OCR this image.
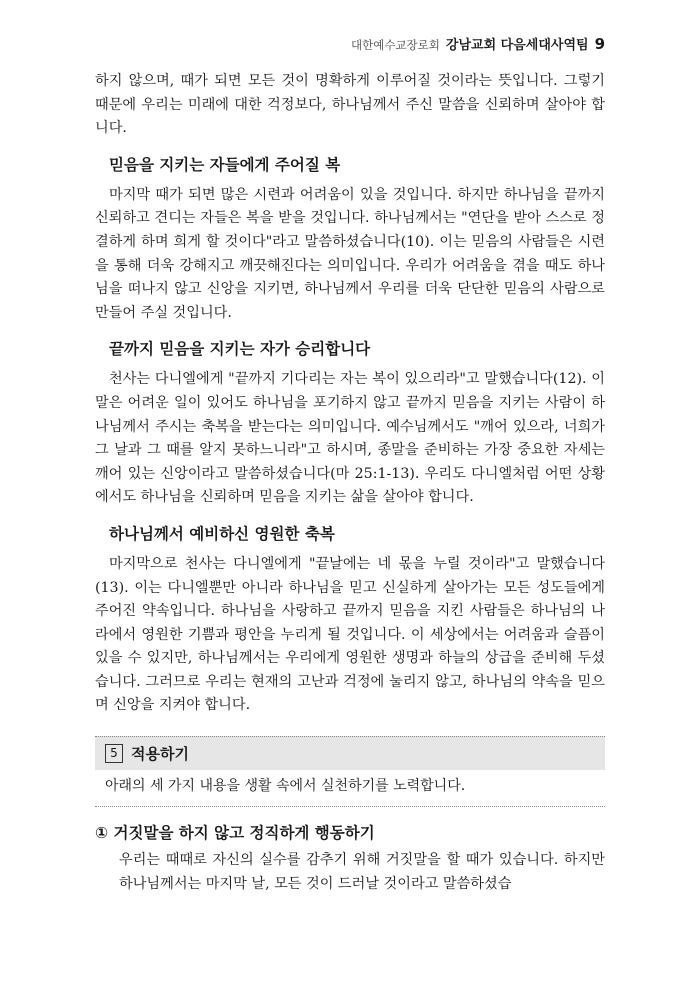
대한예수교장로회 강남교회 다음세대사역팀 9

하지 않으며, 때가 되면 모든 것이 명확하게 이루어질 것이라는 뜻입니다. 그렇기 때문에 우리는 미래에 대한 걱정보다, 하나님께서 주신 말씀을 신뢰하며 살아야 합니다.

믿음을 지키는 자들에게 주어질 복

마지막 때가 되면 많은 시련과 어려움이 있을 것입니다. 하지만 하나님을 끝까지 신뢰하고 견디는 자들은 복을 받을 것입니다. 하나님께서는 "연단을 받아 스스로 정결하게 하며 희게 할 것이다"라고 말씀하셨습니다(10). 이는 믿음의 사람들은 시련을 통해 더욱 강해지고 깨끗해진다는 의미입니다. 우리가 어려움을 겪을 때도 하나님을 떠나지 않고 신앙을 지키면, 하나님께서 우리를 더욱 단단한 믿음의 사람으로 만들어 주실 것입니다.

끝까지 믿음을 지키는 자가 승리합니다

천사는 다니엘에게 "끝까지 기다리는 자는 복이 있으리라"고 말했습니다(12). 이 말은 어려운 일이 있어도 하나님을 포기하지 않고 끝까지 믿음을 지키는 사람이 하나님께서 주시는 축복을 받는다는 의미입니다. 예수님께서도 "깨어 있으라, 너희가 그 날과 그 때를 알지 못하느니라"고 하시며, 종말을 준비하는 가장 중요한 자세는 깨어 있는 신앙이라고 말씀하셨습니다(마 25:1-13). 우리도 다니엘처럼 어떤 상황에서도 하나님을 신뢰하며 믿음을 지키는 삶을 살아야 합니다.

하나님께서 예비하신 영원한 축복

마지막으로 천사는 다니엘에게 "끝날에는 네 몫을 누릴 것이라"고 말했습니다(13). 이는 다니엘뿐만 아니라 하나님을 믿고 신실하게 살아가는 모든 성도들에게 주어진 약속입니다. 하나님을 사랑하고 끝까지 믿음을 지킨 사람들은 하나님의 나라에서 영원한 기쁨과 평안을 누리게 될 것입니다. 이 세상에서는 어려움과 슬픔이 있을 수 있지만, 하나님께서는 우리에게 영원한 생명과 하늘의 상급을 준비해 두셨습니다. 그러므로 우리는 현재의 고난과 걱정에 눌리지 않고, 하나님의 약속을 믿으며 신앙을 지켜야 합니다.

5 적용하기
아래의 세 가지 내용을 생활 속에서 실천하기를 노력합니다.
① 거짓말을 하지 않고 정직하게 행동하기

우리는 때때로 자신의 실수를 감추기 위해 거짓말을 할 때가 있습니다. 하지만 하나님께서는 마지막 날, 모든 것이 드러날 것이라고 말씀하셨습
